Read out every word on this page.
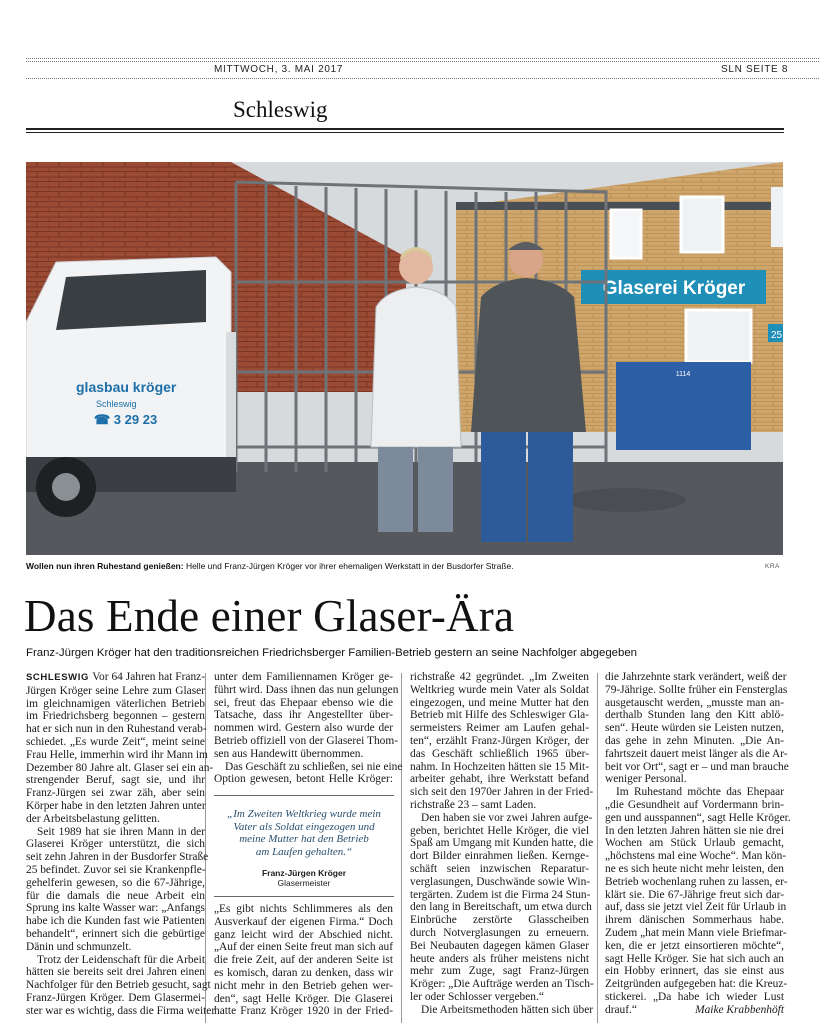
MITTWOCH, 3. MAI 2017	SLN SEITE 8
Schleswig
Glaserei Kröger
25
1114
glasbau kröger
Schleswig
☎ 3 29 23
Wollen nun ihren Ruhestand genießen: Helle und Franz-Jürgen Kröger vor ihrer ehemaligen Werkstatt in der Busdorfer Straße.	KRA
Das Ende einer Glaser-Ära
Franz-Jürgen Kröger hat den traditionsreichen Friedrichsberger Familien-Betrieb gestern an seine Nachfolger abgegeben
SCHLESWIG Vor 64 Jahren hat Franz-
Jürgen Kröger seine Lehre zum Glaser
im gleichnamigen väterlichen Betrieb
im Friedrichsberg begonnen – gestern
hat er sich nun in den Ruhestand verab-
schiedet. „Es wurde Zeit“, meint seine
Frau Helle, immerhin wird ihr Mann im
Dezember 80 Jahre alt. Glaser sei ein an-
strengender Beruf, sagt sie, und ihr
Franz-Jürgen sei zwar zäh, aber sein
Körper habe in den letzten Jahren unter
der Arbeitsbelastung gelitten.
Seit 1989 hat sie ihren Mann in der
Glaserei Kröger unterstützt, die sich
seit zehn Jahren in der Busdorfer Straße
25 befindet. Zuvor sei sie Krankenpfle-
gehelferin gewesen, so die 67-Jährige,
für die damals die neue Arbeit ein
Sprung ins kalte Wasser war: „Anfangs
habe ich die Kunden fast wie Patienten
behandelt“, erinnert sich die gebürtige
Dänin und schmunzelt.
Trotz der Leidenschaft für die Arbeit
hätten sie bereits seit drei Jahren einen
Nachfolger für den Betrieb gesucht, sagt
Franz-Jürgen Kröger. Dem Glasermei-
ster war es wichtig, dass die Firma weiter
unter dem Familiennamen Kröger ge-
führt wird. Dass ihnen das nun gelungen
sei, freut das Ehepaar ebenso wie die
Tatsache, dass ihr Angestellter über-
nommen wird. Gestern also wurde der
Betrieb offiziell von der Glaserei Thom-
sen aus Handewitt übernommen.
Das Geschäft zu schließen, sei nie eine
Option gewesen, betont Helle Kröger:
„Im Zweiten Weltkrieg wurde mein
Vater als Soldat eingezogen und
meine Mutter hat den Betrieb
am Laufen gehalten.“
Franz-Jürgen Kröger
Glasermeister
„Es gibt nichts Schlimmeres als den
Ausverkauf der eigenen Firma.“ Doch
ganz leicht wird der Abschied nicht.
„Auf der einen Seite freut man sich auf
die freie Zeit, auf der anderen Seite ist
es komisch, daran zu denken, dass wir
nicht mehr in den Betrieb gehen wer-
den“, sagt Helle Kröger. Die Glaserei
hatte Franz Kröger 1920 in der Fried-
richstraße 42 gegründet. „Im Zweiten
Weltkrieg wurde mein Vater als Soldat
eingezogen, und meine Mutter hat den
Betrieb mit Hilfe des Schleswiger Gla-
sermeisters Reimer am Laufen gehal-
ten“, erzählt Franz-Jürgen Kröger, der
das Geschäft schließlich 1965 über-
nahm. In Hochzeiten hätten sie 15 Mit-
arbeiter gehabt, ihre Werkstatt befand
sich seit den 1970er Jahren in der Fried-
richstraße 23 – samt Laden.
Den haben sie vor zwei Jahren aufge-
geben, berichtet Helle Kröger, die viel
Spaß am Umgang mit Kunden hatte, die
dort Bilder einrahmen ließen. Kernge-
schäft seien inzwischen Reparatur-
verglasungen, Duschwände sowie Win-
tergärten. Zudem ist die Firma 24 Stun-
den lang in Bereitschaft, um etwa durch
Einbrüche zerstörte Glasscheiben
durch Notverglasungen zu erneuern.
Bei Neubauten dagegen kämen Glaser
heute anders als früher meistens nicht
mehr zum Zuge, sagt Franz-Jürgen
Kröger: „Die Aufträge werden an Tisch-
ler oder Schlosser vergeben.“
Die Arbeitsmethoden hätten sich über
die Jahrzehnte stark verändert, weiß der
79-Jährige. Sollte früher ein Fensterglas
ausgetauscht werden, „musste man an-
derthalb Stunden lang den Kitt ablö-
sen“. Heute würden sie Leisten nutzen,
das gehe in zehn Minuten. „Die An-
fahrtszeit dauert meist länger als die Ar-
beit vor Ort“, sagt er – und man brauche
weniger Personal.
Im Ruhestand möchte das Ehepaar
„die Gesundheit auf Vordermann brin-
gen und ausspannen“, sagt Helle Kröger.
In den letzten Jahren hätten sie nie drei
Wochen am Stück Urlaub gemacht,
„höchstens mal eine Woche“. Man kön-
ne es sich heute nicht mehr leisten, den
Betrieb wochenlang ruhen zu lassen, er-
klärt sie. Die 67-Jährige freut sich dar-
auf, dass sie jetzt viel Zeit für Urlaub in
ihrem dänischen Sommerhaus habe.
Zudem „hat mein Mann viele Briefmar-
ken, die er jetzt einsortieren möchte“,
sagt Helle Kröger. Sie hat sich auch an
ein Hobby erinnert, das sie einst aus
Zeitgründen aufgegeben hat: die Kreuz-
stickerei. „Da habe ich wieder Lust
drauf.“	Maike Krabbenhöft
